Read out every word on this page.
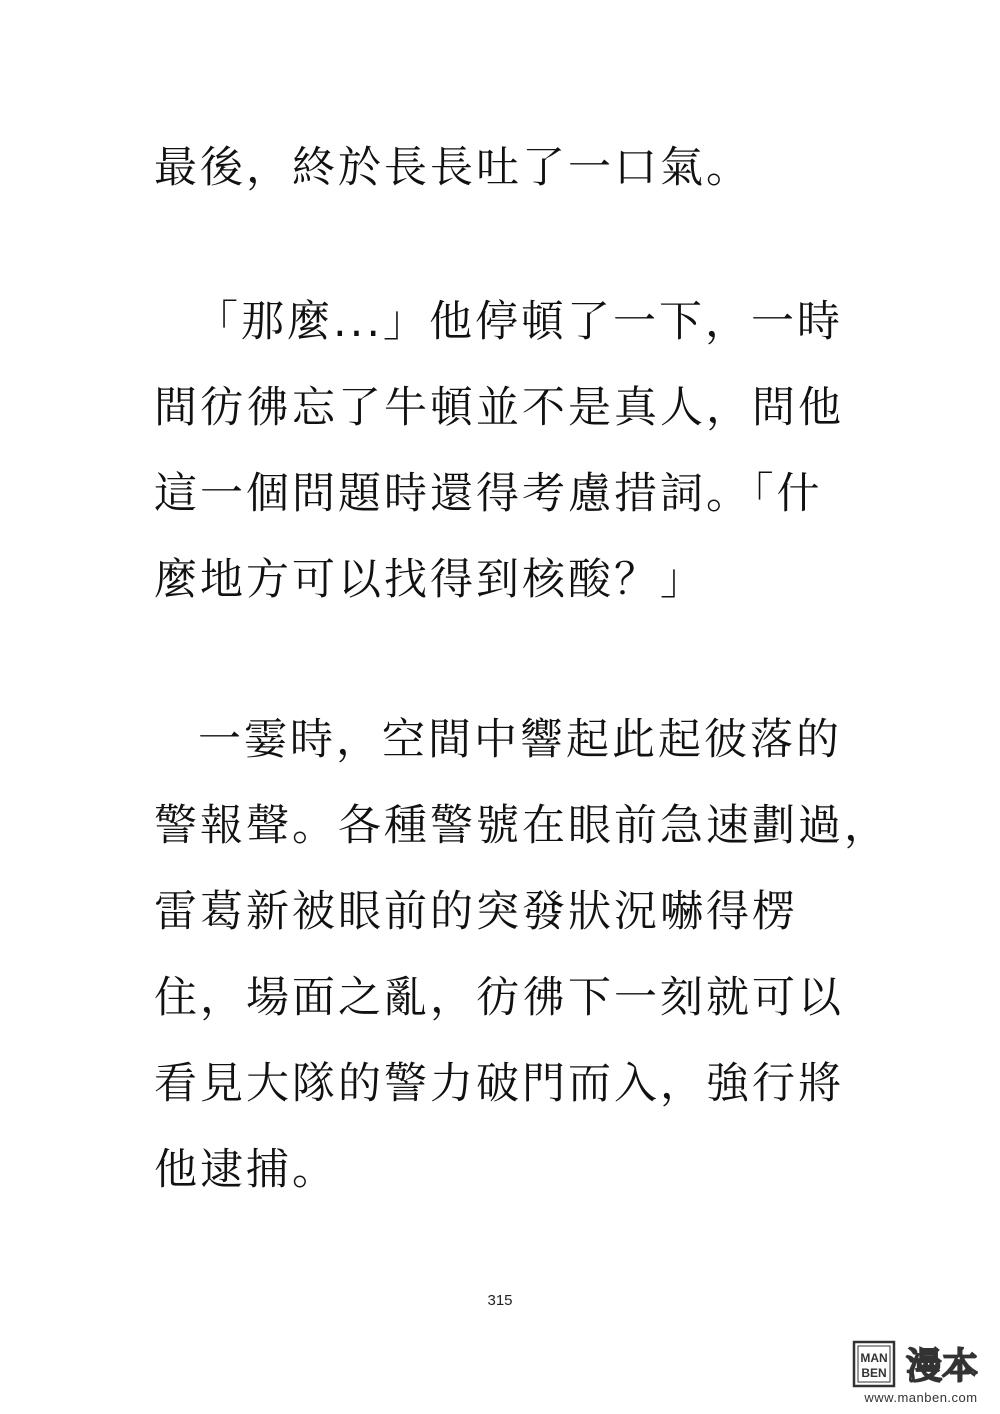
最後，終於長長吐了一口氣。
「那麼...」他停頓了一下，一時
間彷彿忘了牛頓並不是真人，問他
這一個問題時還得考慮措詞。「什
麼地方可以找得到核酸？」
一霎時，空間中響起此起彼落的
警報聲。各種警號在眼前急速劃過，
雷葛新被眼前的突發狀況嚇得楞
住，場面之亂，彷彿下一刻就可以
看見大隊的警力破門而入，強行將
他逮捕。
315
MAN
BEN 漫本
www.manben.com
